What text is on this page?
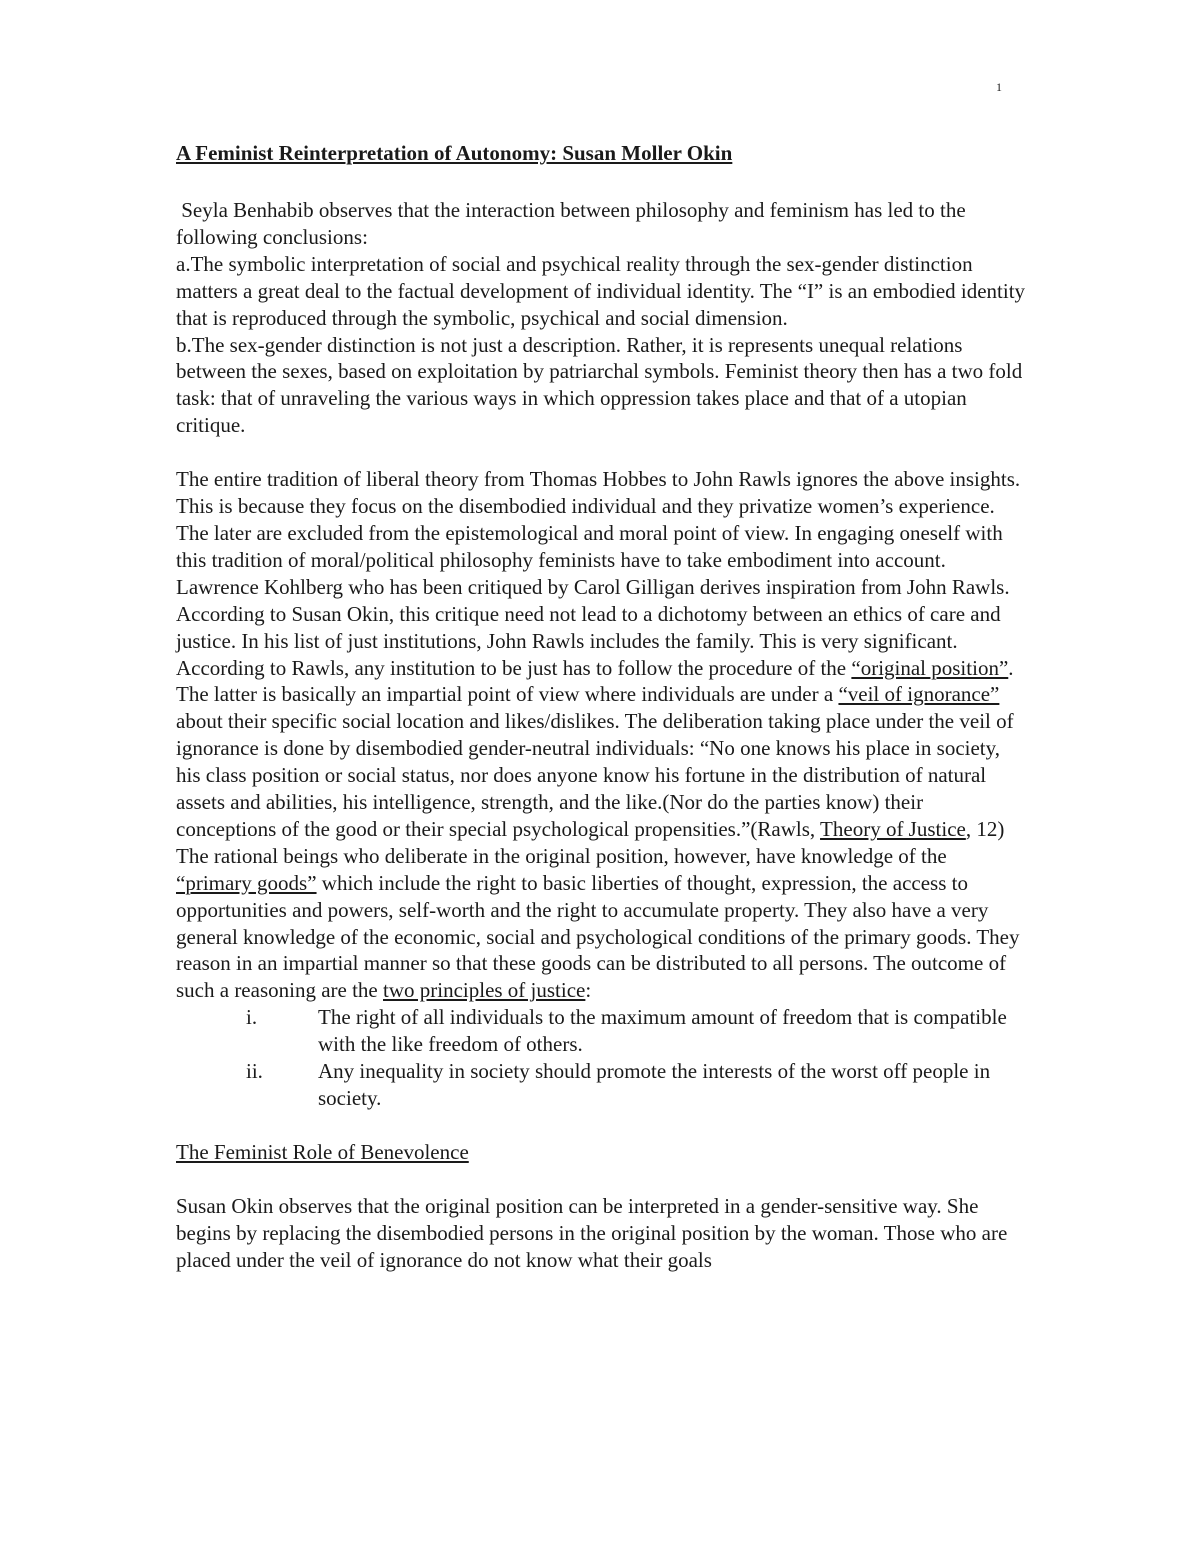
1

A Feminist Reinterpretation of Autonomy: Susan Moller Okin

Seyla Benhabib observes that the interaction between philosophy and feminism has led to the following conclusions:

a.The symbolic interpretation of social and psychical reality through the sex-gender distinction matters a great deal to the factual development of individual identity. The “I” is an embodied identity that is reproduced through the symbolic, psychical and social dimension.

b.The sex-gender distinction is not just a description. Rather, it is represents unequal relations between the sexes, based on exploitation by patriarchal symbols. Feminist theory then has a two fold task: that of unraveling the various ways in which oppression takes place and that of a utopian critique.

The entire tradition of liberal theory from Thomas Hobbes to John Rawls ignores the above insights. This is because they focus on the disembodied individual and they privatize women’s experience. The later are excluded from the epistemological and moral point of view. In engaging oneself with this tradition of moral/political philosophy feminists have to take embodiment into account. Lawrence Kohlberg who has been critiqued by Carol Gilligan derives inspiration from John Rawls. According to Susan Okin, this critique need not lead to a dichotomy between an ethics of care and justice. In his list of just institutions, John Rawls includes the family. This is very significant. According to Rawls, any institution to be just has to follow the procedure of the “original position”. The latter is basically an impartial point of view where individuals are under a “veil of ignorance” about their specific social location and likes/dislikes. The deliberation taking place under the veil of ignorance is done by disembodied gender-neutral individuals: “No one knows his place in society, his class position or social status, nor does anyone know his fortune in the distribution of natural assets and abilities, his intelligence, strength, and the like.(Nor do the parties know) their conceptions of the good or their special psychological propensities.”(Rawls, Theory of Justice, 12)

The rational beings who deliberate in the original position, however, have knowledge of the “primary goods” which include the right to basic liberties of thought, expression, the access to opportunities and powers, self-worth and the right to accumulate property. They also have a very general knowledge of the economic, social and psychological conditions of the primary goods. They reason in an impartial manner so that these goods can be distributed to all persons. The outcome of such a reasoning are the two principles of justice:

i.	The right of all individuals to the maximum amount of freedom that is compatible with the like freedom of others.
ii.	Any inequality in society should promote the interests of the worst off people in society.

The Feminist Role of Benevolence

Susan Okin observes that the original position can be interpreted in a gender-sensitive way. She begins by replacing the disembodied persons in the original position by the woman. Those who are placed under the veil of ignorance do not know what their goals
